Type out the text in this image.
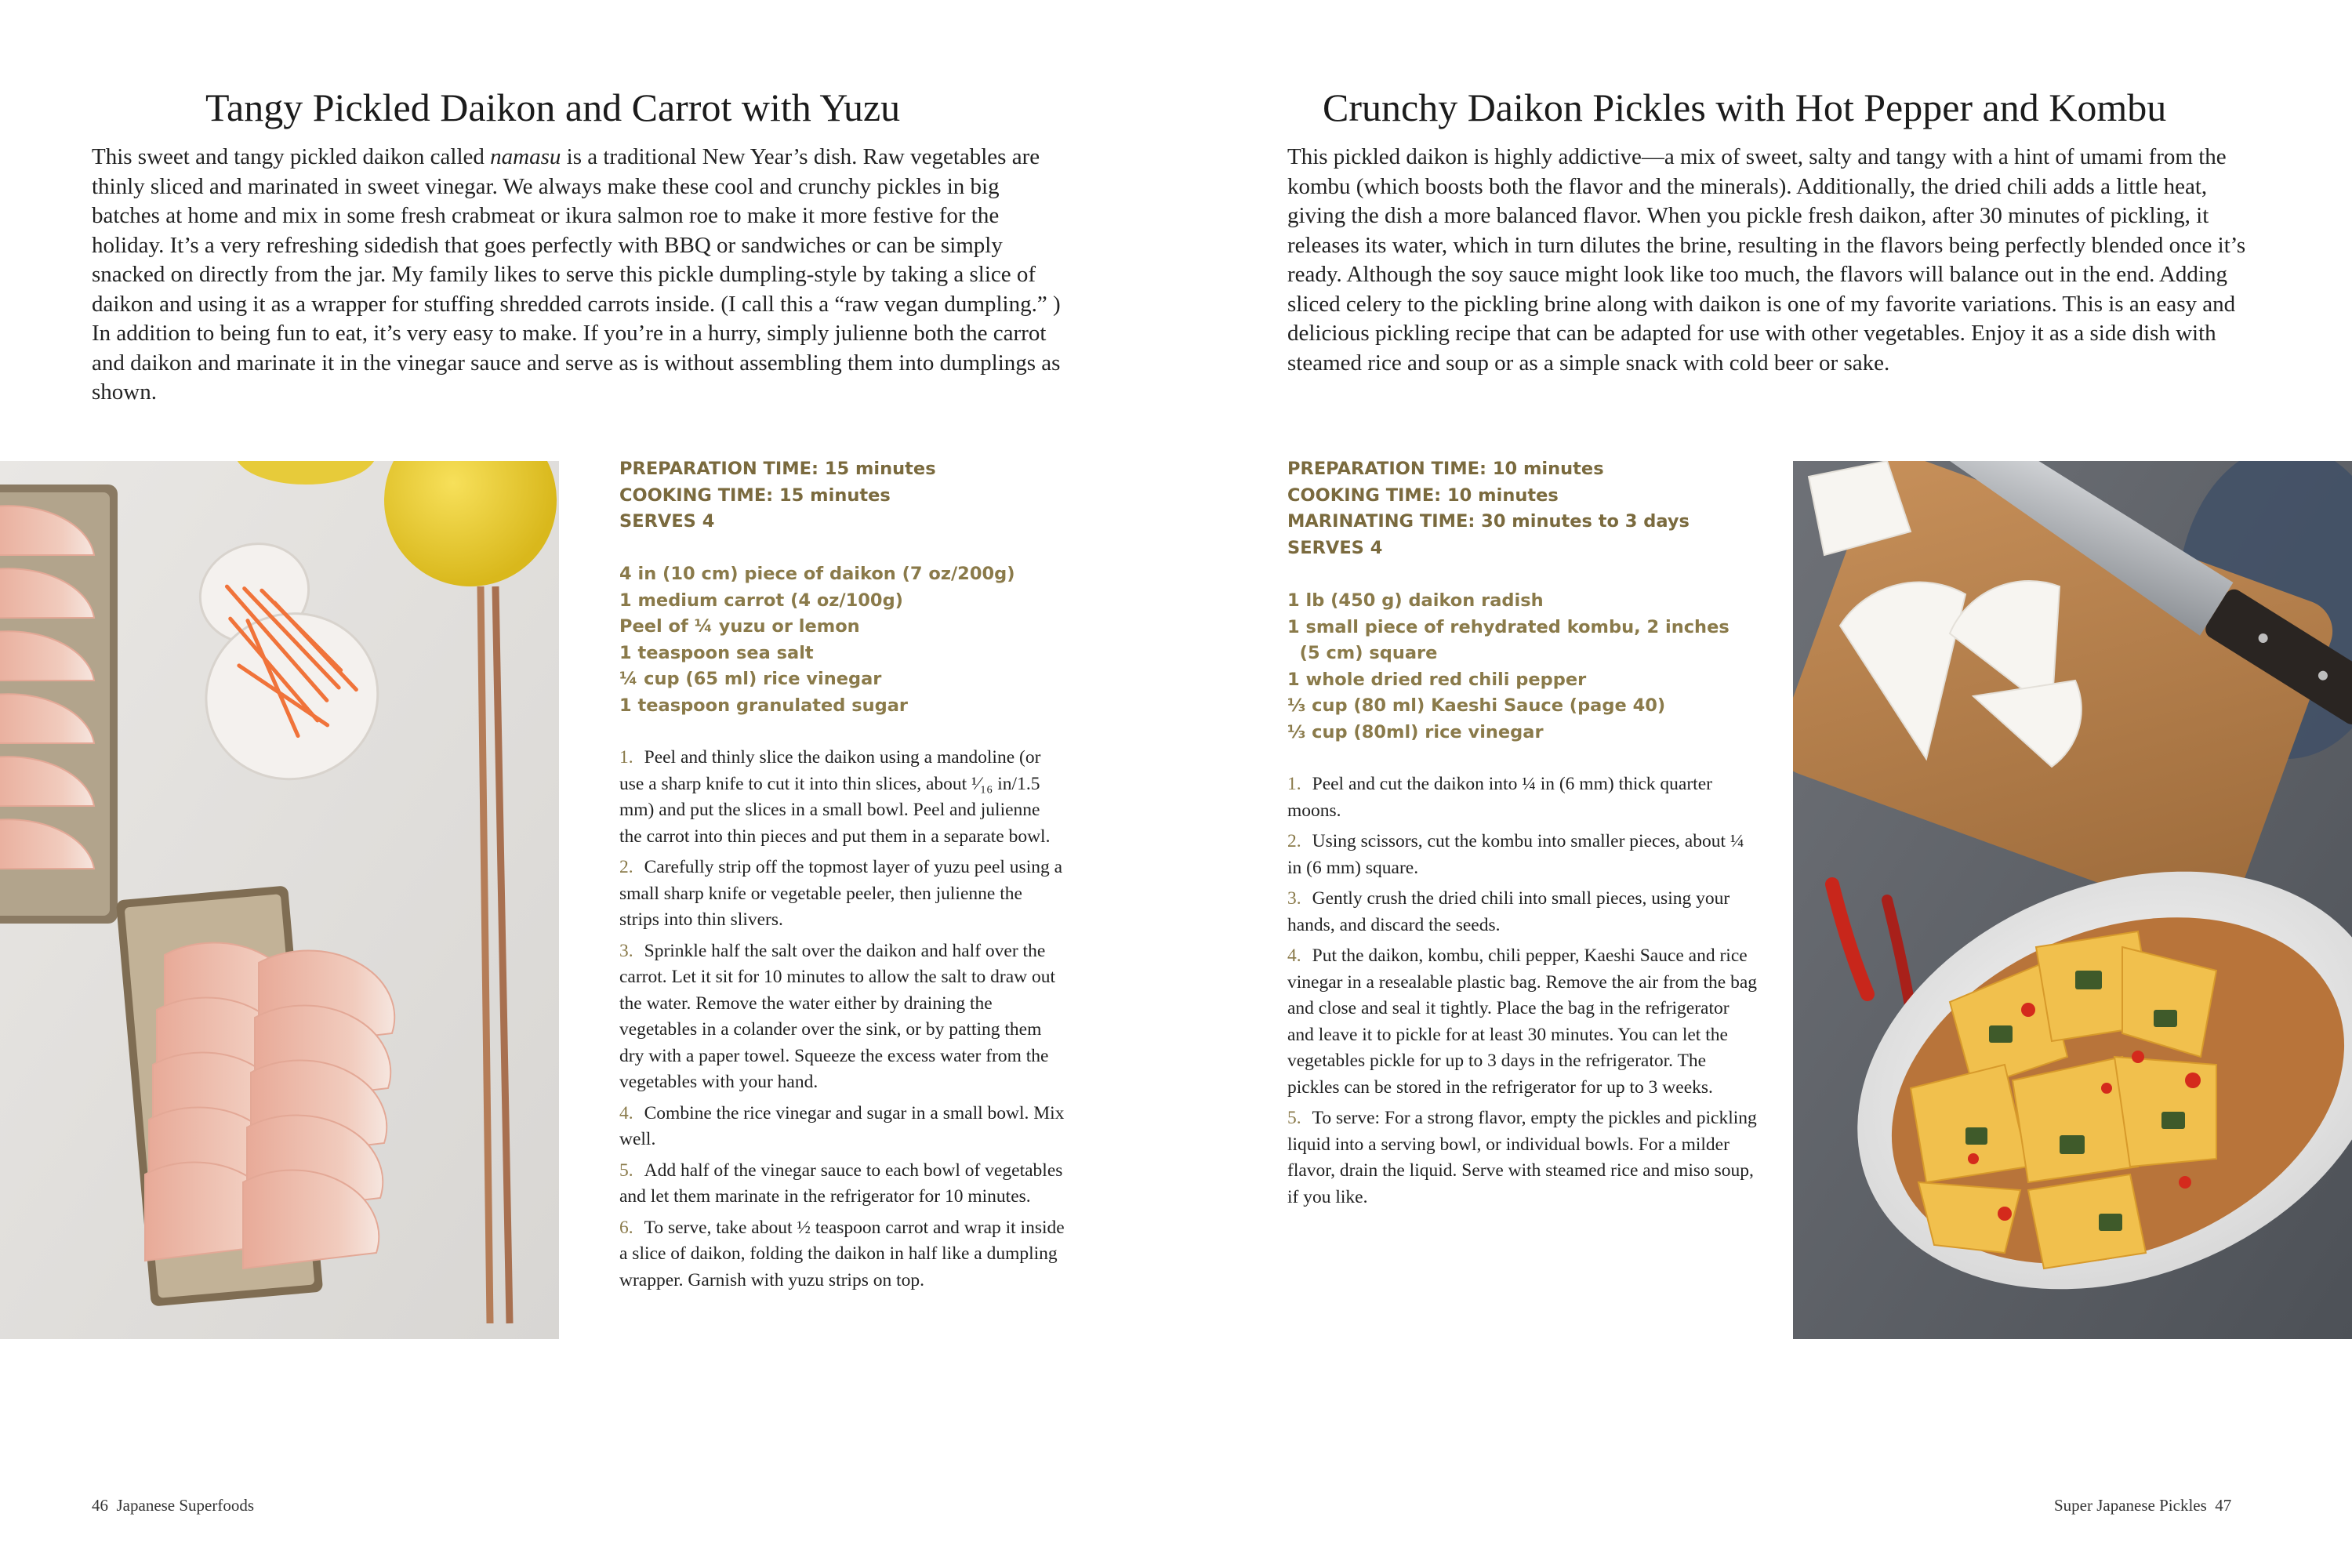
Tangy Pickled Daikon and Carrot with Yuzu

This sweet and tangy pickled daikon called namasu is a traditional New Year’s dish. Raw vegetables are thinly sliced and marinated in sweet vinegar. We always make these cool and crunchy pickles in big batches at home and mix in some fresh crabmeat or ikura salmon roe to make it more festive for the holiday. It’s a very refreshing sidedish that goes perfectly with BBQ or sandwiches or can be simply snacked on directly from the jar. My family likes to serve this pickle dumpling-style by taking a slice of daikon and using it as a wrapper for stuffing shredded carrots inside. (I call this a “raw vegan dumpling.” ) In addition to being fun to eat, it’s very easy to make. If you’re in a hurry, simply julienne both the carrot and daikon and marinate it in the vinegar sauce and serve as is without assembling them into dumplings as shown.

PREPARATION TIME: 15 minutes
COOKING TIME: 15 minutes
SERVES 4
4 in (10 cm) piece of daikon (7 oz/200g)
1 medium carrot (4 oz/100g)
Peel of ¼ yuzu or lemon
1 teaspoon sea salt
¼ cup (65 ml) rice vinegar
1 teaspoon granulated sugar
1. Peel and thinly slice the daikon using a mandoline (or use a sharp knife to cut it into thin slices, about ¹⁄₁₆ in/1.5 mm) and put the slices in a small bowl. Peel and julienne the carrot into thin pieces and put them in a separate bowl.
2. Carefully strip off the topmost layer of yuzu peel using a small sharp knife or vegetable peeler, then julienne the strips into thin slivers.
3. Sprinkle half the salt over the daikon and half over the carrot. Let it sit for 10 minutes to allow the salt to draw out the water. Remove the water either by draining the vegetables in a colander over the sink, or by patting them dry with a paper towel. Squeeze the excess water from the vegetables with your hand.
4. Combine the rice vinegar and sugar in a small bowl. Mix well.
5. Add half of the vinegar sauce to each bowl of vegetables and let them marinate in the refrigerator for 10 minutes.
6. To serve, take about ½ teaspoon carrot and wrap it inside a slice of daikon, folding the daikon in half like a dumpling wrapper. Garnish with yuzu strips on top.
46 Japanese Superfoods
Crunchy Daikon Pickles with Hot Pepper and Kombu

This pickled daikon is highly addictive—a mix of sweet, salty and tangy with a hint of umami from the kombu (which boosts both the flavor and the minerals). Additionally, the dried chili adds a little heat, giving the dish a more balanced flavor. When you pickle fresh daikon, after 30 minutes of pickling, it releases its water, which in turn dilutes the brine, resulting in the flavors being perfectly blended once it’s ready. Although the soy sauce might look like too much, the flavors will balance out in the end. Adding sliced celery to the pickling brine along with daikon is one of my favorite variations. This is an easy and delicious pickling recipe that can be adapted for use with other vegetables. Enjoy it as a side dish with steamed rice and soup or as a simple snack with cold beer or sake.

PREPARATION TIME: 10 minutes
COOKING TIME: 10 minutes
MARINATING TIME: 30 minutes to 3 days
SERVES 4
1 lb (450 g) daikon radish
1 small piece of rehydrated kombu, 2 inches
(5 cm) square
1 whole dried red chili pepper
⅓ cup (80 ml) Kaeshi Sauce (page 40)
⅓ cup (80ml) rice vinegar
1. Peel and cut the daikon into ¼ in (6 mm) thick quarter moons.
2. Using scissors, cut the kombu into smaller pieces, about ¼ in (6 mm) square.
3. Gently crush the dried chili into small pieces, using your hands, and discard the seeds.
4. Put the daikon, kombu, chili pepper, Kaeshi Sauce and rice vinegar in a resealable plastic bag. Remove the air from the bag and close and seal it tightly. Place the bag in the refrigerator and leave it to pickle for at least 30 minutes. You can let the vegetables pickle for up to 3 days in the refrigerator. The pickles can be stored in the refrigerator for up to 3 weeks.
5. To serve: For a strong flavor, empty the pickles and pickling liquid into a serving bowl, or individual bowls. For a milder flavor, drain the liquid. Serve with steamed rice and miso soup, if you like.
Super Japanese Pickles 47
